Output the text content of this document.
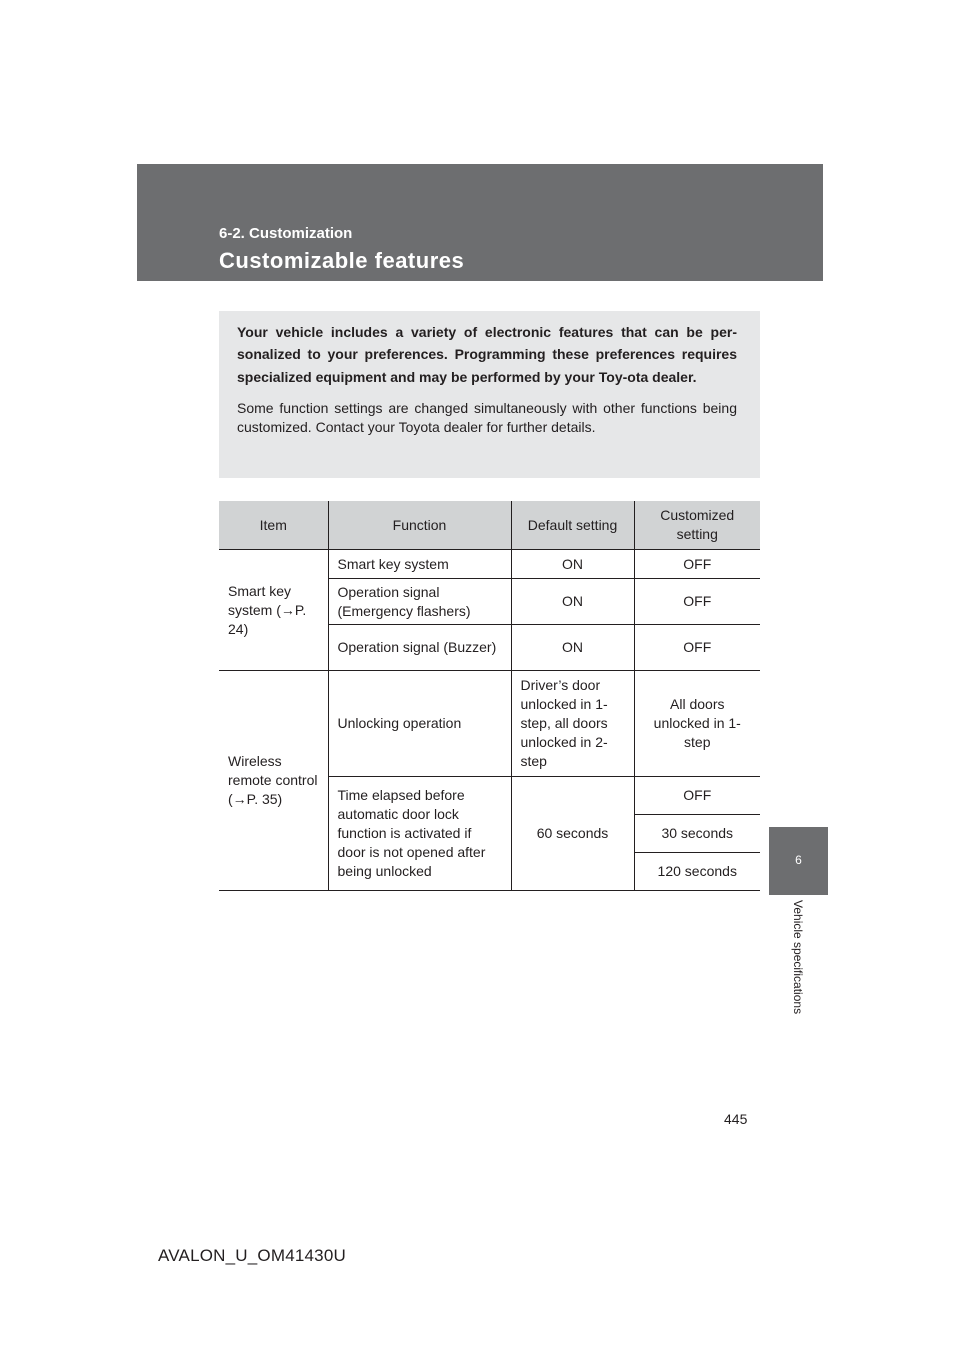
6-2. Customization
Customizable features
6
Vehicle specifications

Your vehicle includes a variety of electronic features that can be per-sonalized to your preferences. Programming these preferences requires specialized equipment and may be performed by your Toy-ota dealer.

Some function settings are changed simultaneously with other functions being customized. Contact your Toyota dealer for further details.

Item	Function	Default setting	Customized setting
Smart key system (→P. 24)	Smart key system	ON	OFF
	Operation signal (Emergency flashers)	ON	OFF
	Operation signal (Buzzer)	ON	OFF
Wireless remote control (→P. 35)	Unlocking operation	Driver’s door unlocked in 1-step, all doors unlocked in 2-step	All doors unlocked in 1-step
	Time elapsed before automatic door lock function is activated if door is not opened after being unlocked	60 seconds	OFF
			30 seconds
			120 seconds
445
AVALON_U_OM41430U
